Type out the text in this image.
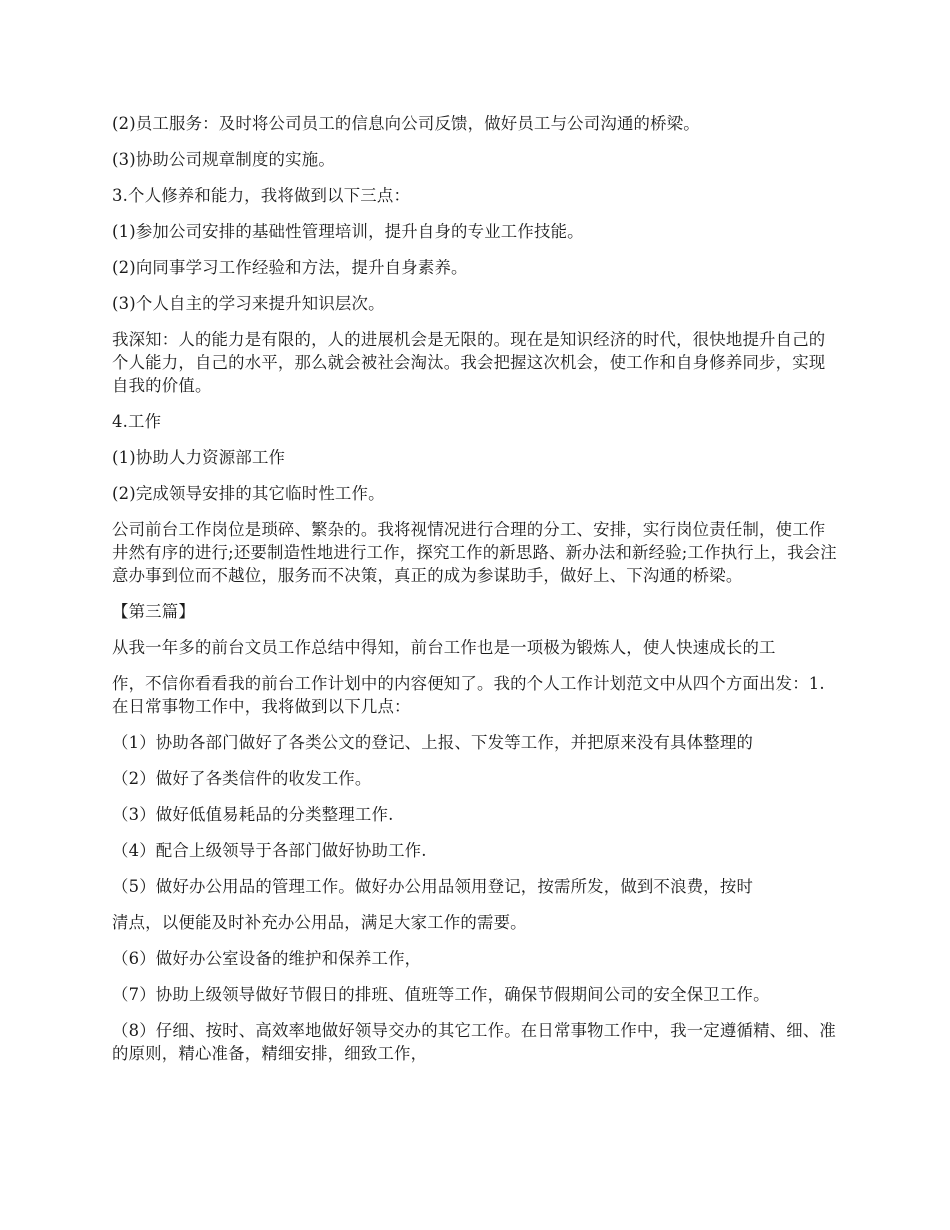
(2)员工服务：及时将公司员工的信息向公司反馈，做好员工与公司沟通的桥梁。

(3)协助公司规章制度的实施。

3.个人修养和能力，我将做到以下三点：

(1)参加公司安排的基础性管理培训，提升自身的专业工作技能。

(2)向同事学习工作经验和方法，提升自身素养。

(3)个人自主的学习来提升知识层次。

我深知：人的能力是有限的，人的进展机会是无限的。现在是知识经济的时代，很快地提升自己的个人能力，自己的水平，那么就会被社会淘汰。我会把握这次机会，使工作和自身修养同步，实现自我的价值。

4.工作

(1)协助人力资源部工作

(2)完成领导安排的其它临时性工作。

公司前台工作岗位是琐碎、繁杂的。我将视情况进行合理的分工、安排，实行岗位责任制，使工作井然有序的进行;还要制造性地进行工作，探究工作的新思路、新办法和新经验;工作执行上，我会注意办事到位而不越位，服务而不决策，真正的成为参谋助手，做好上、下沟通的桥梁。

【第三篇】

从我一年多的前台文员工作总结中得知，前台工作也是一项极为锻炼人，使人快速成长的工

作，不信你看看我的前台工作计划中的内容便知了。我的个人工作计划范文中从四个方面出发：1. 在日常事物工作中，我将做到以下几点：

（1）协助各部门做好了各类公文的登记、上报、下发等工作，并把原来没有具体整理的

（2）做好了各类信件的收发工作。

（3）做好低值易耗品的分类整理工作.

（4）配合上级领导于各部门做好协助工作.

（5）做好办公用品的管理工作。做好办公用品领用登记，按需所发，做到不浪费，按时

清点，以便能及时补充办公用品，满足大家工作的需要。

（6）做好办公室设备的维护和保养工作，

（7）协助上级领导做好节假日的排班、值班等工作，确保节假期间公司的安全保卫工作。

（8）仔细、按时、高效率地做好领导交办的其它工作。在日常事物工作中，我一定遵循精、细、准的原则，精心准备，精细安排，细致工作，
